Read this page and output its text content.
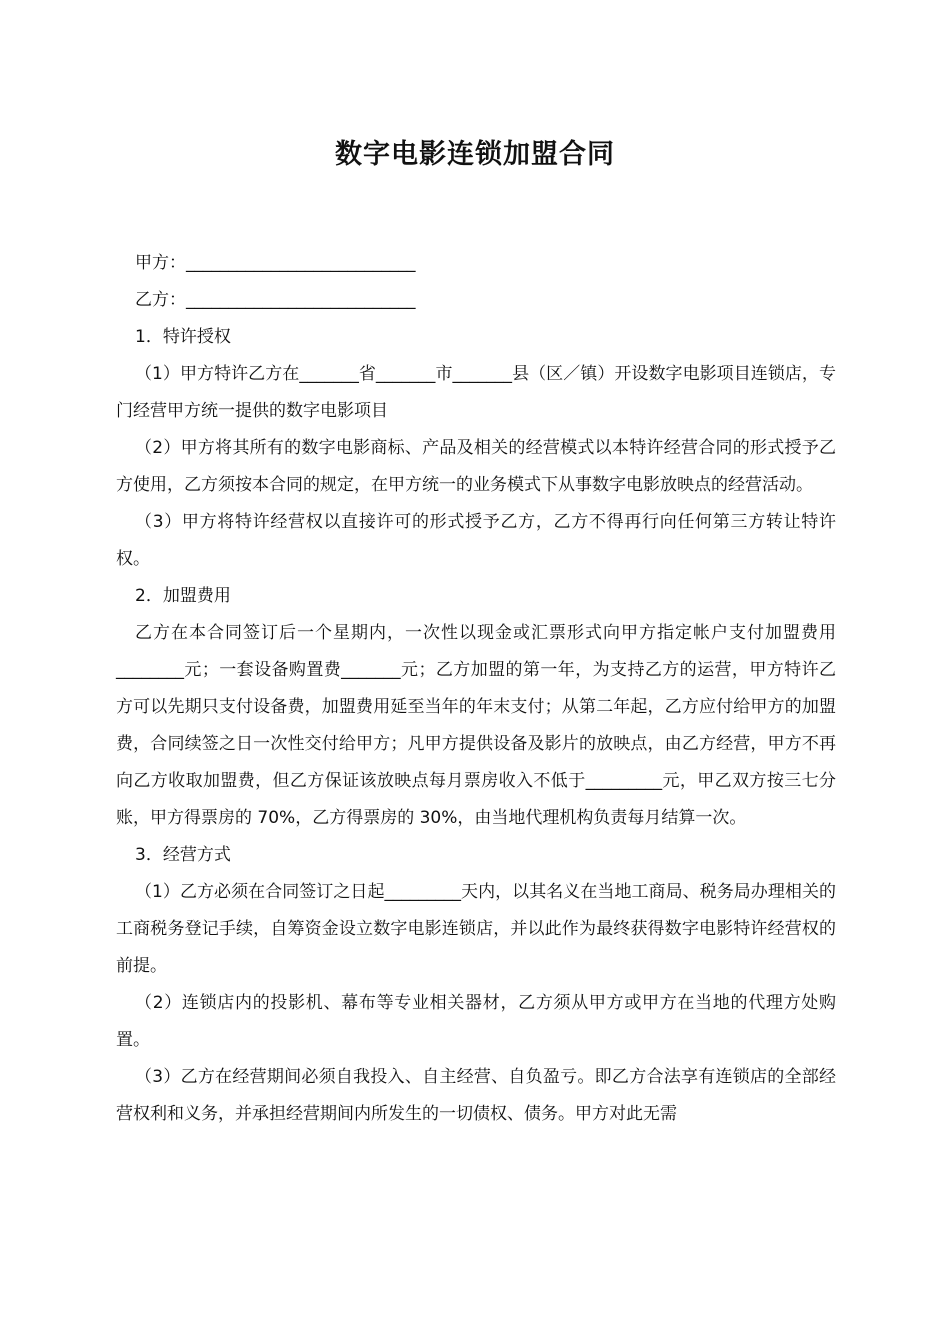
数字电影连锁加盟合同

甲方：___________________________

乙方：___________________________

1．特许授权

（1）甲方特许乙方在_______省_______市_______县（区／镇）开设数字电影项目连锁店，专门经营甲方统一提供的数字电影项目

（2）甲方将其所有的数字电影商标、产品及相关的经营模式以本特许经营合同的形式授予乙方使用，乙方须按本合同的规定，在甲方统一的业务模式下从事数字电影放映点的经营活动。

（3）甲方将特许经营权以直接许可的形式授予乙方，乙方不得再行向任何第三方转让特许权。

2．加盟费用

乙方在本合同签订后一个星期内，一次性以现金或汇票形式向甲方指定帐户支付加盟费用________元；一套设备购置费_______元；乙方加盟的第一年，为支持乙方的运营，甲方特许乙方可以先期只支付设备费，加盟费用延至当年的年末支付；从第二年起，乙方应付给甲方的加盟费，合同续签之日一次性交付给甲方；凡甲方提供设备及影片的放映点，由乙方经营，甲方不再向乙方收取加盟费，但乙方保证该放映点每月票房收入不低于_________元，甲乙双方按三七分账，甲方得票房的 70%，乙方得票房的 30%，由当地代理机构负责每月结算一次。

3．经营方式

（1）乙方必须在合同签订之日起_________天内，以其名义在当地工商局、税务局办理相关的工商税务登记手续，自筹资金设立数字电影连锁店，并以此作为最终获得数字电影特许经营权的前提。

（2）连锁店内的投影机、幕布等专业相关器材，乙方须从甲方或甲方在当地的代理方处购置。

（3）乙方在经营期间必须自我投入、自主经营、自负盈亏。即乙方合法享有连锁店的全部经营权利和义务，并承担经营期间内所发生的一切债权、债务。甲方对此无需
